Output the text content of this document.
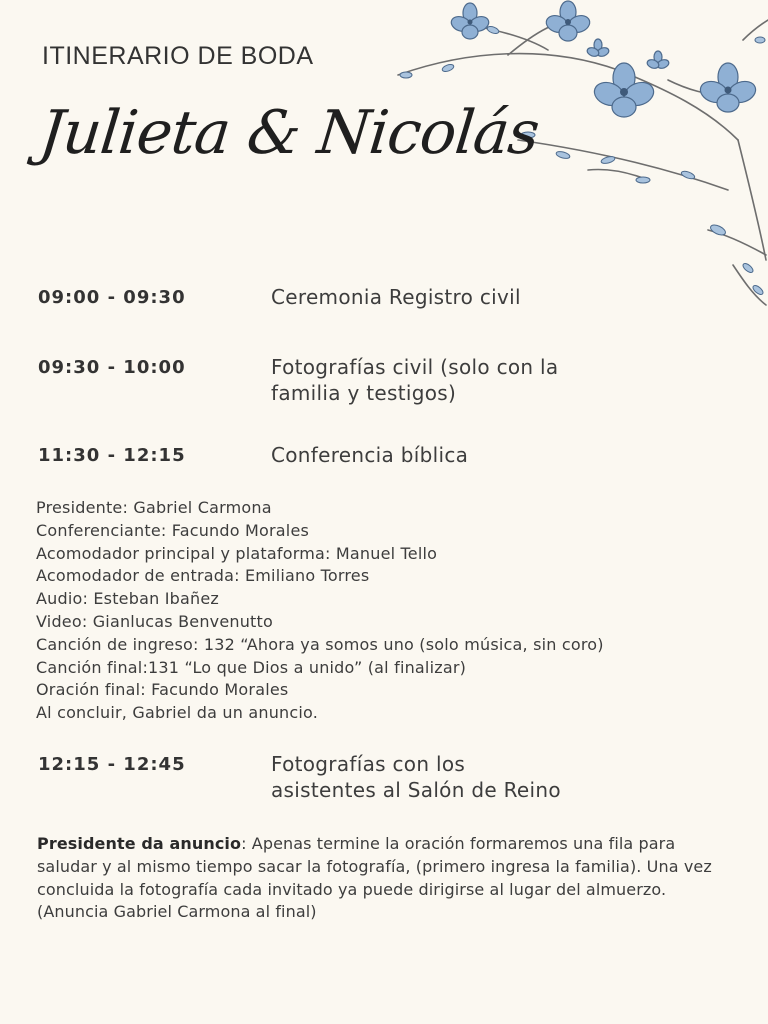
ITINERARIO DE BODA
Julieta & Nicolás
09:00 - 09:30	Ceremonia Registro civil
09:30 - 10:00	Fotografías civil (solo con la
familia y testigos)
11:30 - 12:15	Conferencia bíblica
Presidente: Gabriel Carmona
Conferenciante: Facundo Morales
Acomodador principal y plataforma: Manuel Tello
Acomodador de entrada: Emiliano Torres
Audio: Esteban Ibañez
Video: Gianlucas Benvenutto
Canción de ingreso: 132 “Ahora ya somos uno (solo música, sin coro)
Canción final:131 “Lo que Dios a unido” (al finalizar)
Oración final: Facundo Morales
Al concluir, Gabriel da un anuncio.
12:15 - 12:45	Fotografías con los
asistentes al Salón de Reino
Presidente da anuncio: Apenas termine la oración formaremos una fila para saludar y al mismo tiempo sacar la fotografía, (primero ingresa la familia). Una vez concluida la fotografía cada invitado ya puede dirigirse al lugar del almuerzo. (Anuncia Gabriel Carmona al final)
